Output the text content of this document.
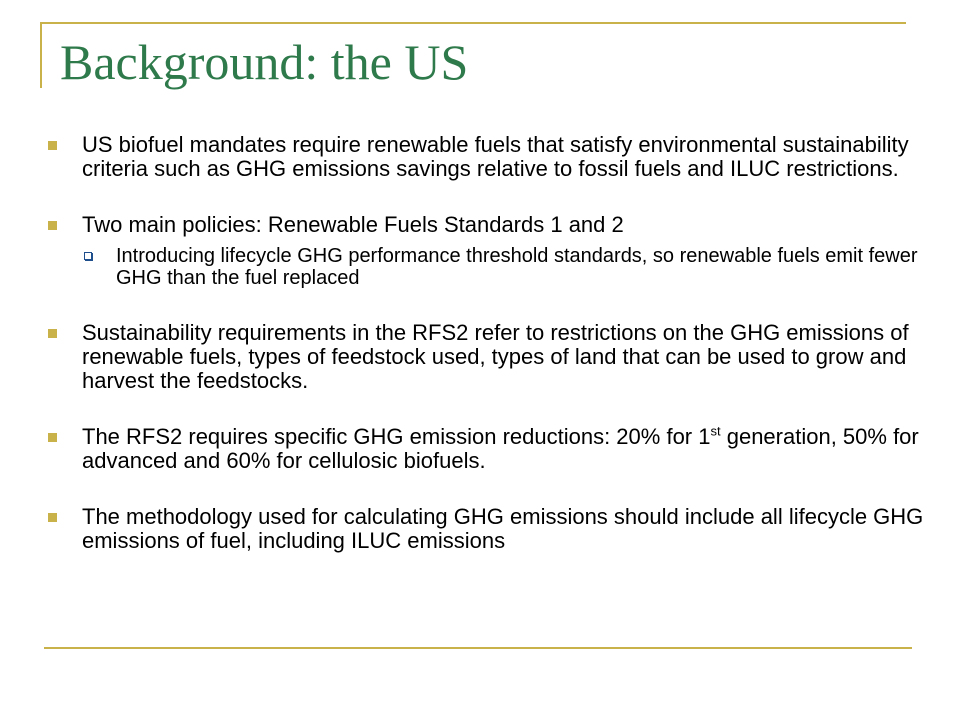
Background: the US
US biofuel mandates require renewable fuels that satisfy environmental sustainability criteria such as GHG emissions savings relative to fossil fuels and ILUC restrictions.
Two main policies: Renewable Fuels Standards 1 and 2
Introducing lifecycle GHG performance threshold standards, so renewable fuels emit fewer GHG than the fuel replaced
Sustainability requirements in the RFS2 refer to restrictions on the GHG emissions of renewable fuels, types of feedstock used, types of land that can be used to grow and harvest the feedstocks.
The RFS2 requires specific GHG emission reductions: 20% for 1st generation, 50% for advanced and 60% for cellulosic biofuels.
The methodology used for calculating GHG emissions should include all lifecycle GHG emissions of fuel, including ILUC emissions
